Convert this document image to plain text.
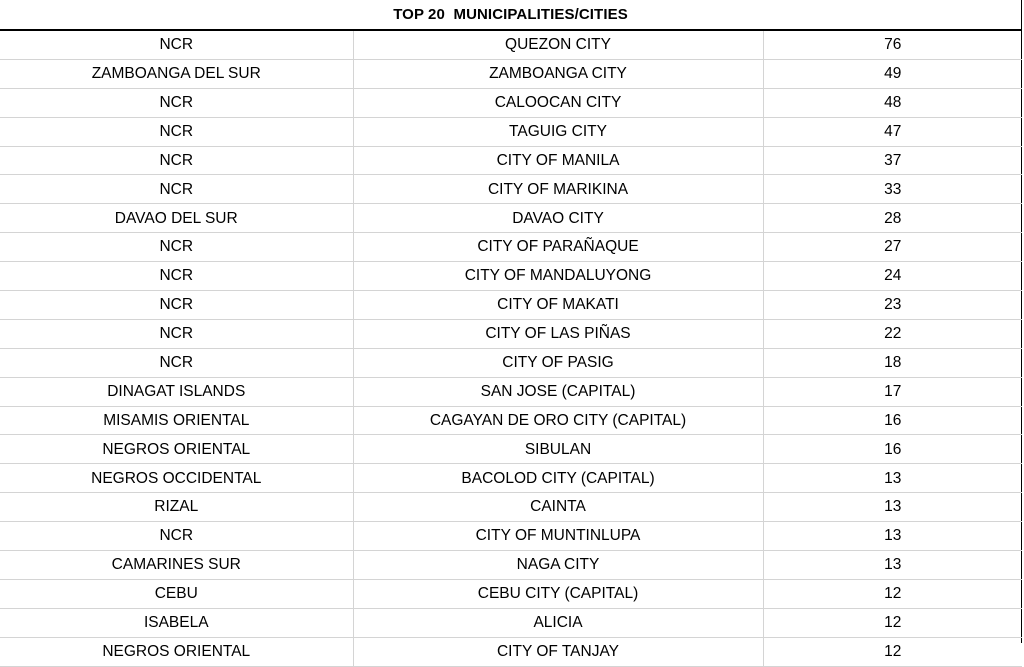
TOP 20  MUNICIPALITIES/CITIES
NCR	QUEZON CITY	76
ZAMBOANGA DEL SUR	ZAMBOANGA CITY	49
NCR	CALOOCAN CITY	48
NCR	TAGUIG CITY	47
NCR	CITY OF MANILA	37
NCR	CITY OF MARIKINA	33
DAVAO DEL SUR	DAVAO CITY	28
NCR	CITY OF PARAÑAQUE	27
NCR	CITY OF MANDALUYONG	24
NCR	CITY OF MAKATI	23
NCR	CITY OF LAS PIÑAS	22
NCR	CITY OF PASIG	18
DINAGAT ISLANDS	SAN JOSE (CAPITAL)	17
MISAMIS ORIENTAL	CAGAYAN DE ORO CITY (CAPITAL)	16
NEGROS ORIENTAL	SIBULAN	16
NEGROS OCCIDENTAL	BACOLOD CITY (CAPITAL)	13
RIZAL	CAINTA	13
NCR	CITY OF MUNTINLUPA	13
CAMARINES SUR	NAGA CITY	13
CEBU	CEBU CITY (CAPITAL)	12
ISABELA	ALICIA	12
NEGROS ORIENTAL	CITY OF TANJAY	12
